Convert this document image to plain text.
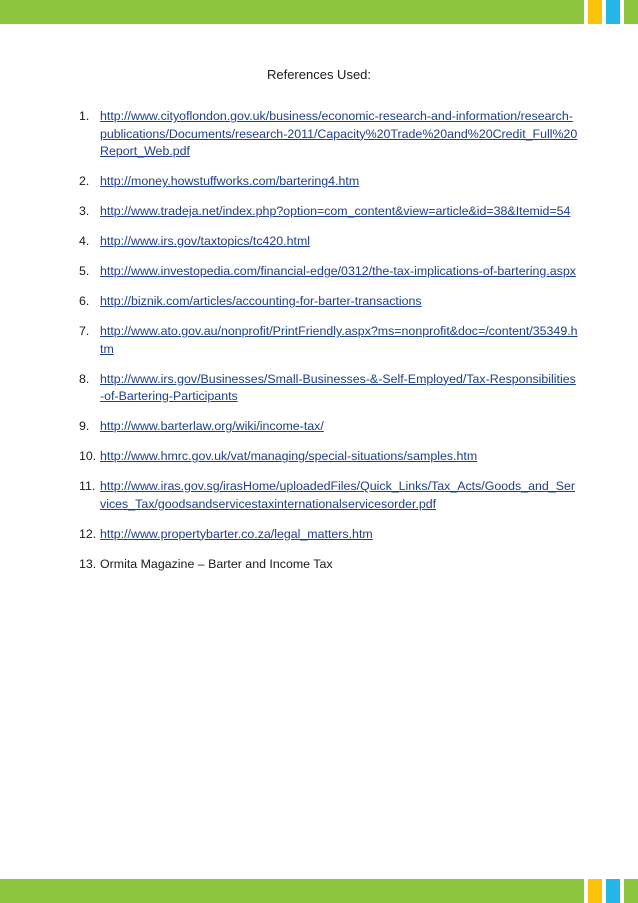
References Used:
1. http://www.cityoflondon.gov.uk/business/economic-research-and-information/research-publications/Documents/research-2011/Capacity%20Trade%20and%20Credit_Full%20Report_Web.pdf
2. http://money.howstuffworks.com/bartering4.htm
3. http://www.tradeja.net/index.php?option=com_content&view=article&id=38&Itemid=54
4. http://www.irs.gov/taxtopics/tc420.html
5. http://www.investopedia.com/financial-edge/0312/the-tax-implications-of-bartering.aspx
6. http://biznik.com/articles/accounting-for-barter-transactions
7. http://www.ato.gov.au/nonprofit/PrintFriendly.aspx?ms=nonprofit&doc=/content/35349.htm
8. http://www.irs.gov/Businesses/Small-Businesses-&-Self-Employed/Tax-Responsibilities-of-Bartering-Participants
9. http://www.barterlaw.org/wiki/income-tax/
10. http://www.hmrc.gov.uk/vat/managing/special-situations/samples.htm
11. http://www.iras.gov.sg/irasHome/uploadedFiles/Quick_Links/Tax_Acts/Goods_and_Services_Tax/goodsandservicestaxinternationalservicesorder.pdf
12. http://www.propertybarter.co.za/legal_matters.htm
13. Ormita Magazine – Barter and Income Tax
